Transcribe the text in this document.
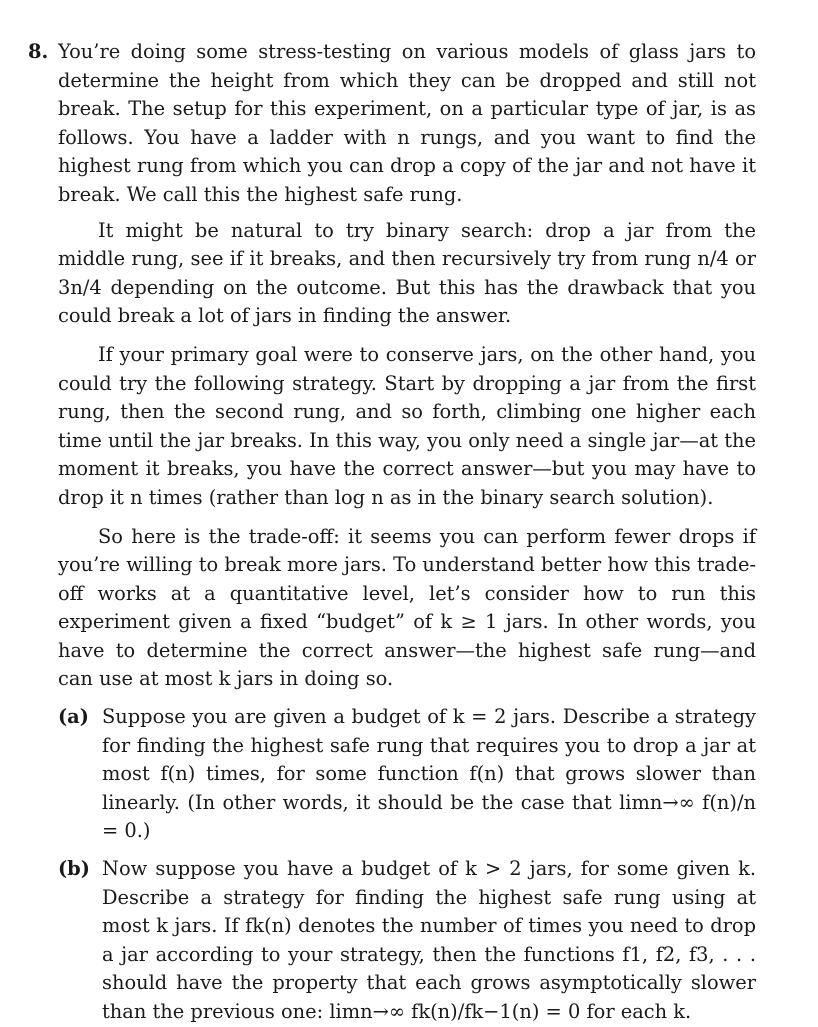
8. You’re doing some stress-testing on various models of glass jars to determine the height from which they can be dropped and still not break. The setup for this experiment, on a particular type of jar, is as follows. You have a ladder with n rungs, and you want to find the highest rung from which you can drop a copy of the jar and not have it break. We call this the highest safe rung.

It might be natural to try binary search: drop a jar from the middle rung, see if it breaks, and then recursively try from rung n/4 or 3n/4 depending on the outcome. But this has the drawback that you could break a lot of jars in finding the answer.

If your primary goal were to conserve jars, on the other hand, you could try the following strategy. Start by dropping a jar from the first rung, then the second rung, and so forth, climbing one higher each time until the jar breaks. In this way, you only need a single jar—at the moment it breaks, you have the correct answer—but you may have to drop it n times (rather than log n as in the binary search solution).

So here is the trade-off: it seems you can perform fewer drops if you’re willing to break more jars. To understand better how this trade-off works at a quantitative level, let’s consider how to run this experiment given a fixed “budget” of k ≥ 1 jars. In other words, you have to determine the correct answer—the highest safe rung—and can use at most k jars in doing so.

(a) Suppose you are given a budget of k = 2 jars. Describe a strategy for finding the highest safe rung that requires you to drop a jar at most f(n) times, for some function f(n) that grows slower than linearly. (In other words, it should be the case that limn→∞ f(n)/n = 0.)

(b) Now suppose you have a budget of k > 2 jars, for some given k. Describe a strategy for finding the highest safe rung using at most k jars. If fk(n) denotes the number of times you need to drop a jar according to your strategy, then the functions f1, f2, f3, . . . should have the property that each grows asymptotically slower than the previous one: limn→∞ fk(n)/fk−1(n) = 0 for each k.
